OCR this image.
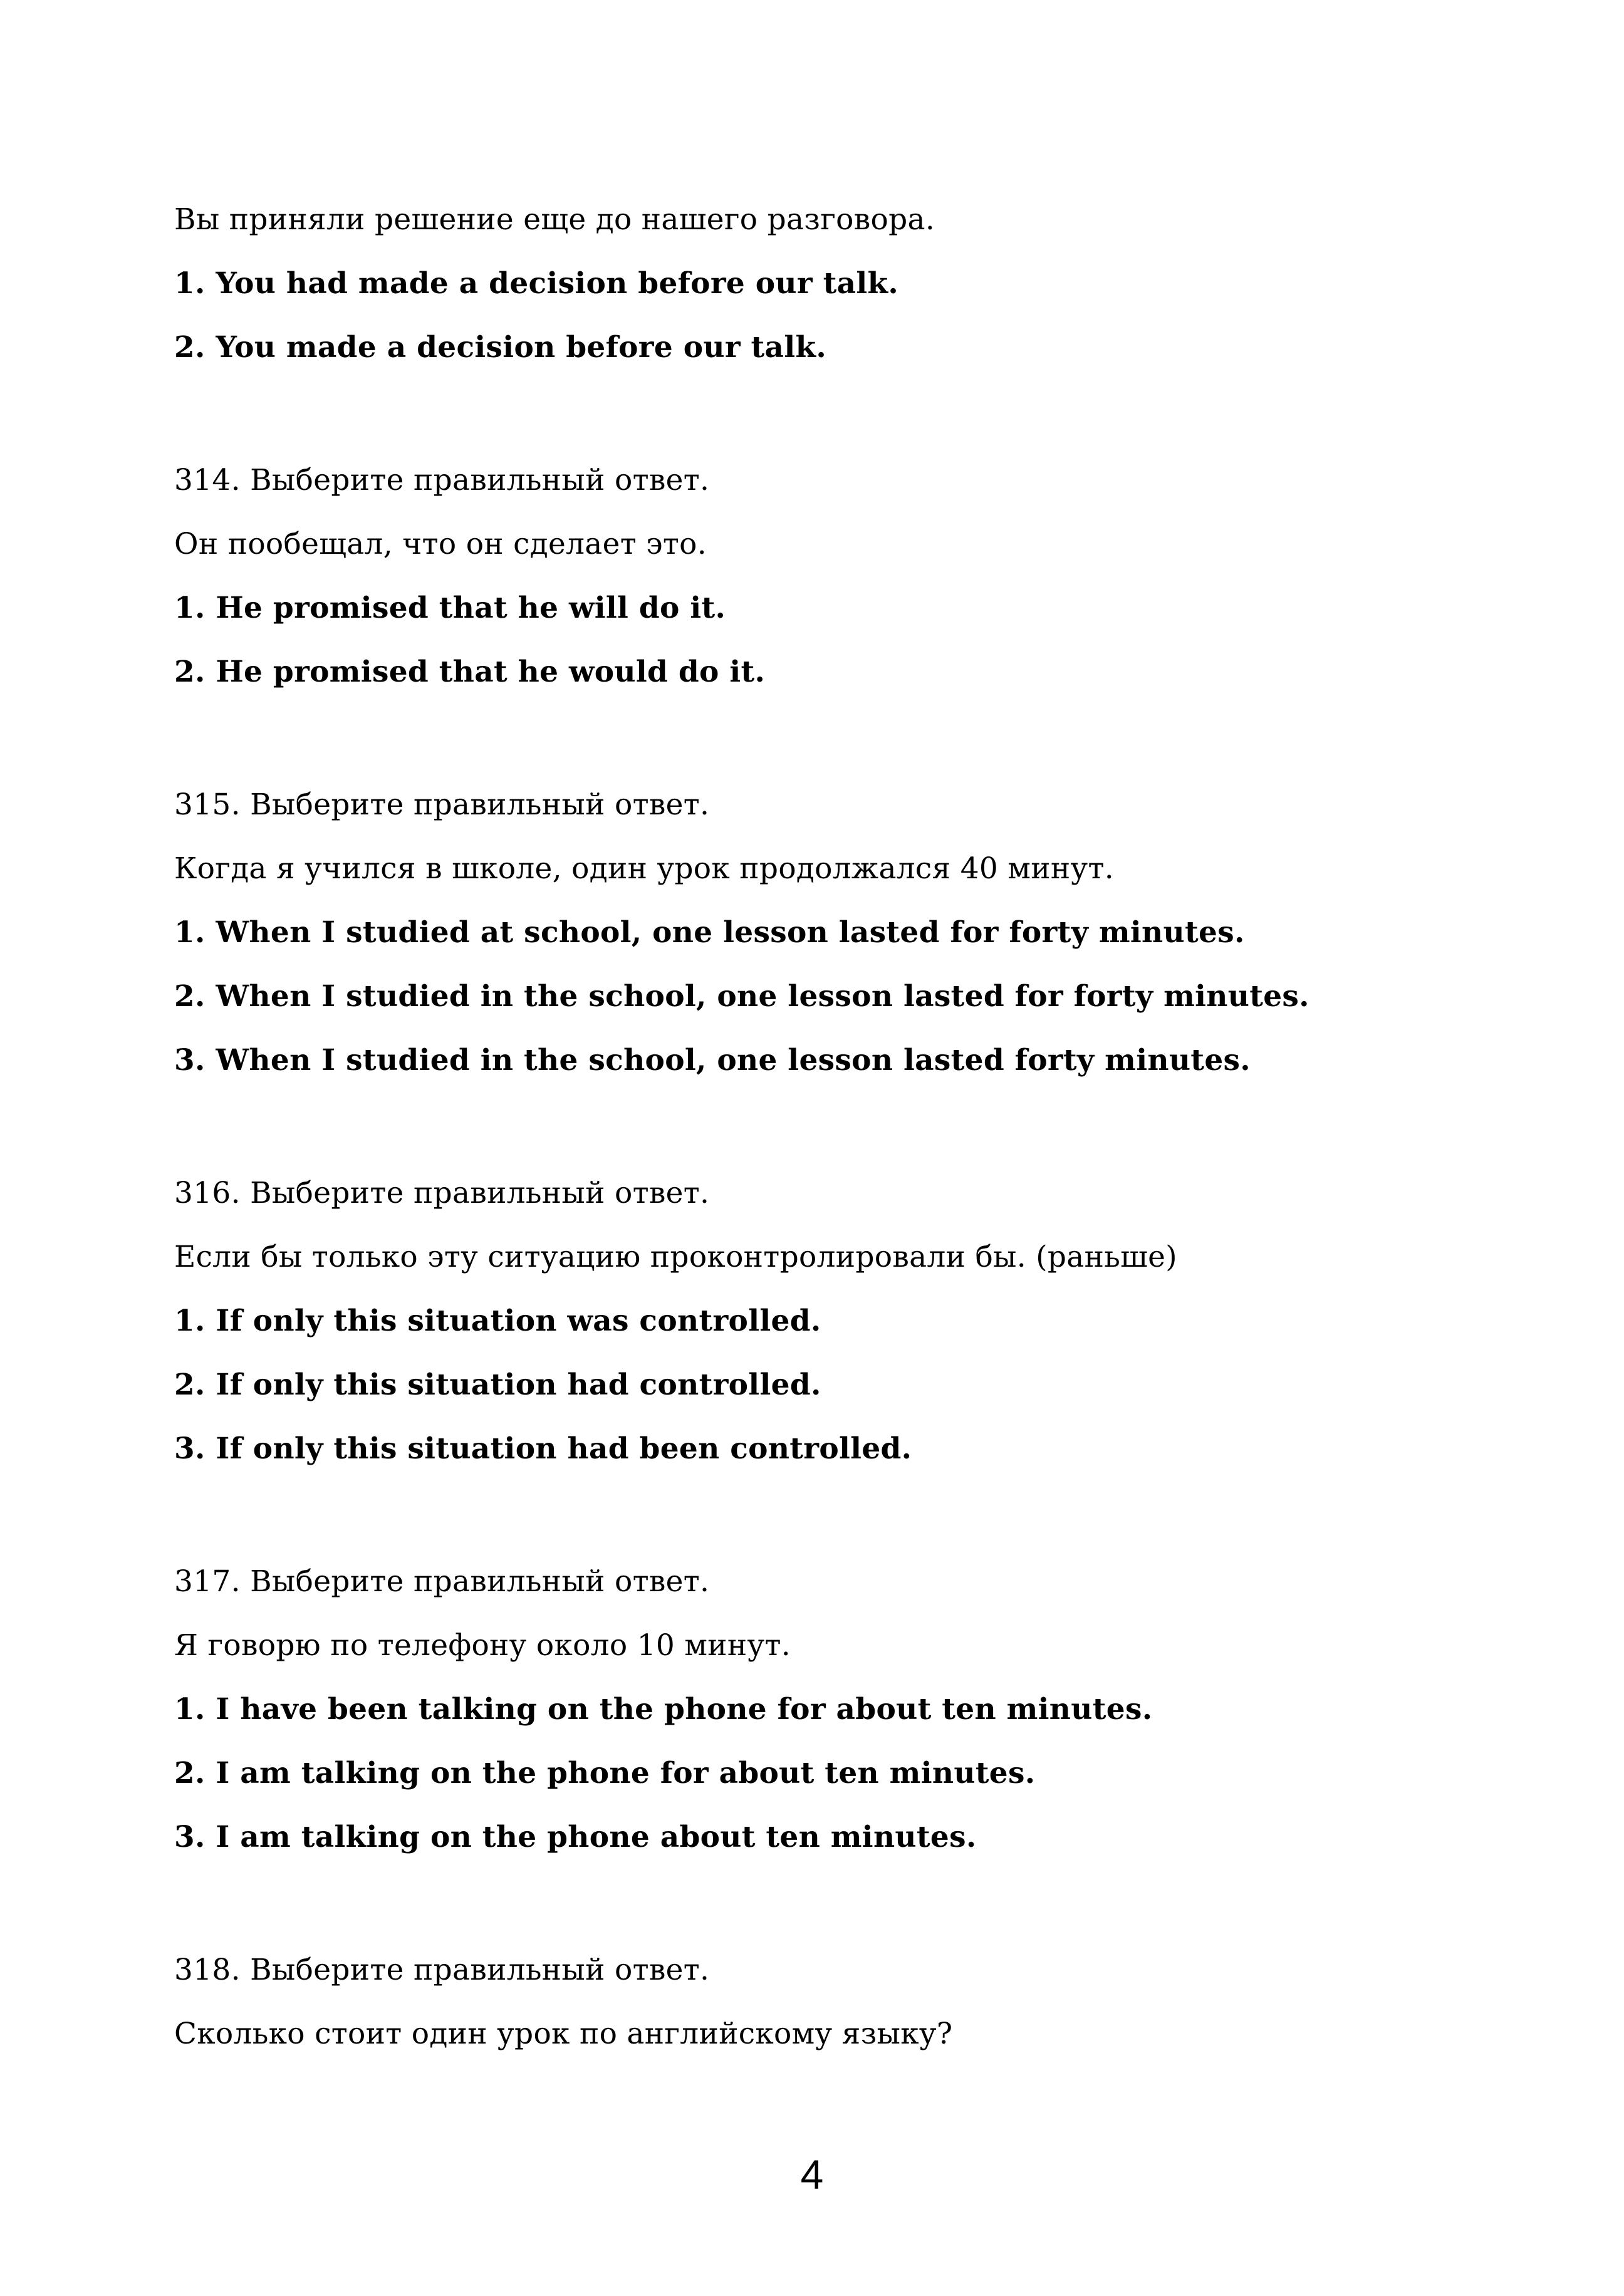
Вы приняли решение еще до нашего разговора.

1. You had made a decision before our talk.

2. You made a decision before our talk.

314. Выберите правильный ответ.

Он пообещал, что он сделает это.

1. He promised that he will do it.

2. He promised that he would do it.

315. Выберите правильный ответ.

Когда я учился в школе, один урок продолжался 40 минут.

1. When I studied at school, one lesson lasted for forty minutes.

2. When I studied in the school, one lesson lasted for forty minutes.

3. When I studied in the school, one lesson lasted forty minutes.

316. Выберите правильный ответ.

Если бы только эту ситуацию проконтролировали бы. (раньше)

1. If only this situation was controlled.

2. If only this situation had controlled.

3. If only this situation had been controlled.

317. Выберите правильный ответ.

Я говорю по телефону около 10 минут.

1. I have been talking on the phone for about ten minutes.

2. I am talking on the phone for about ten minutes.

3. I am talking on the phone about ten minutes.

318. Выберите правильный ответ.

Сколько стоит один урок по английскому языку?

4
